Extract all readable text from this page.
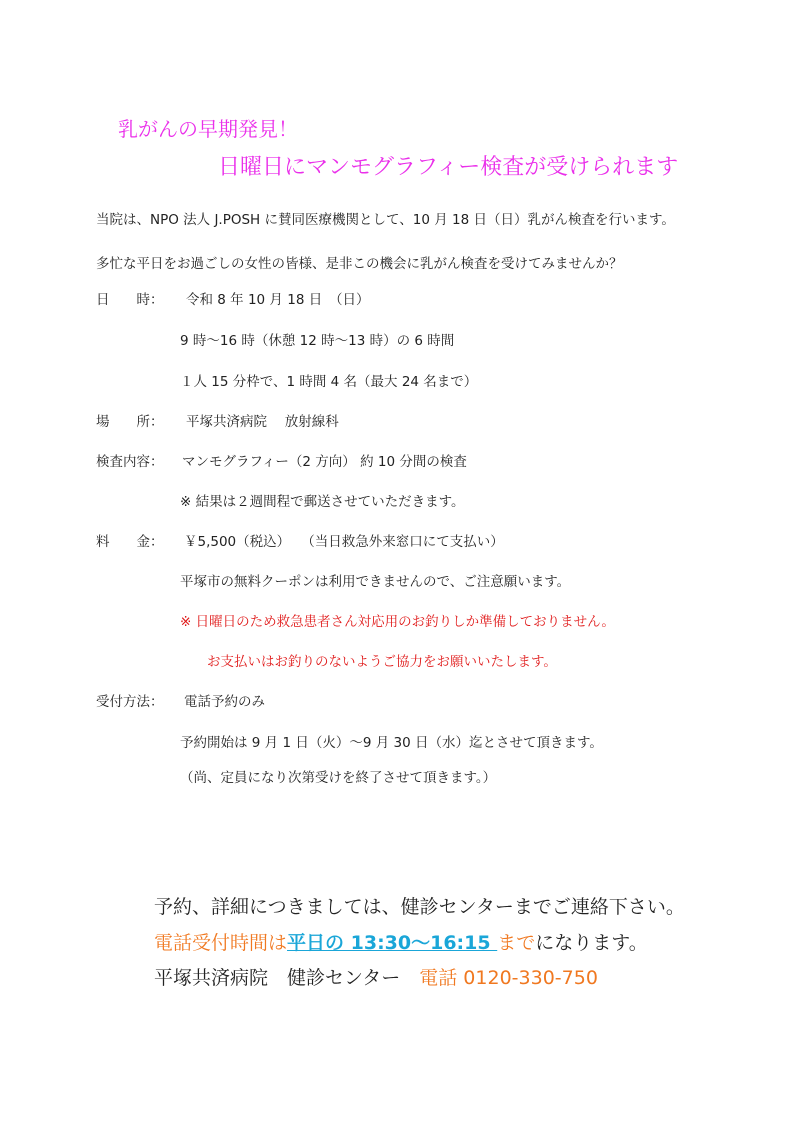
乳がんの早期発見！
日曜日にマンモグラフィー検査が受けられます
当院は、NPO 法人 J.POSH に賛同医療機関として、10 月 18 日（日）乳がん検査を行います。
多忙な平日をお過ごしの女性の皆様、是非この機会に乳がん検査を受けてみませんか？
日　　時： 令和 8 年 10 月 18 日　（日）
9 時～16 時（休憩 12 時～13 時）の 6 時間
１人 15 分枠で、1 時間 4 名（最大 24 名まで）
場　　所： 平塚共済病院　 放射線科
検査内容： マンモグラフィー（2 方向） 約 10 分間の検査
※ 結果は２週間程で郵送させていただきます。
料　　金： ￥5,500（税込）　 （当日救急外来窓口にて支払い）
平塚市の無料クーポンは利用できませんので、ご注意願います。
※ 日曜日のため救急患者さん対応用のお釣りしか準備しておりません。
お支払いはお釣りのないようご協力をお願いいたします。
受付方法： 電話予約のみ
予約開始は 9 月 1 日（火）～9 月 30 日（水）迄とさせて頂きます。
（尚、定員になり次第受けを終了させて頂きます。）
予約、詳細につきましては、健診センターまでご連絡下さい。
電話受付時間は平日の 13:30～16:15 までになります。
平塚共済病院　健診センター　 電話 0120-330-750
